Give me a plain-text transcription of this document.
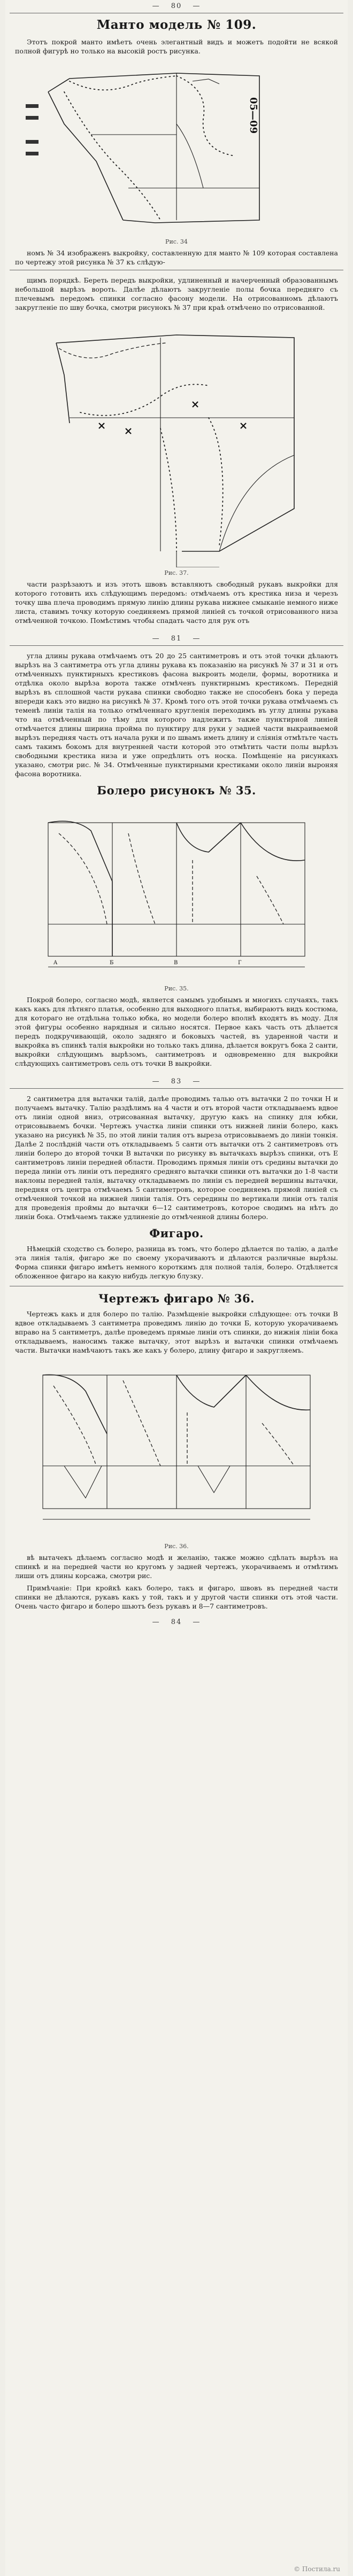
— 80 —
Манто модель № 109.

Этотъ покрой манто имѣетъ очень элегантный видъ и можетъ подойти не всякой полной фигурѣ но только на высокій ростъ рисунка.

05—09
Рис. 34

номъ № 34 изображенъ выкройку, составленную для манто № 109 которая составлена по чертежу этой рисунка № 37 къ слѣдую-

щимъ порядкѣ. Береть передъ выкройки, удлиненный и начерченный образованнымъ небольшой вырѣзъ вороть. Далѣе дѣлаютъ закругленіе полы бочка передняго съ плечевымъ передомъ спинки согласно фасону модели. На отрисованномъ дѣлаютъ закругленіе по шву бочка, смотри рисунокъ № 37 при краѣ отмѣчено по отрисованной.

Рис. 37.

части разрѣзаютъ и изъ этотъ швовъ вставляютъ свободный рукавъ выкройки для которого готовить ихъ слѣдующимъ передомъ: отмѣчаемъ отъ крестика низа и черезъ точку шва плеча проводимъ прямую линію длины рукава нижнее смыканіе немного ниже листа, ставимъ точку которую соединяемъ прямой линіей съ точкой отрисованного низа отмѣченной точкою. Помѣстимъ чтобы спадать часто для рук отъ

— 81 —

угла длины рукава отмѣчаемъ отъ 20 до 25 сантиметровъ и отъ этой точки дѣлаютъ вырѣзъ на 3 сантиметра отъ угла длины рукава къ показанію на рисункѣ № 37 и 31 и отъ отмѣченныхъ пунктирныхъ крестиковъ фасона выкроить модели, формы, воротника и отдѣлка около вырѣза ворота также отмѣченъ пунктирнымъ крестикомъ. Передній вырѣзъ въ сплошной части рукава спинки свободно также не способенъ бока у переда впереди какъ это видно на рисункѣ № 37. Кромѣ того отъ этой точки рукава отмѣчаемъ съ теменѣ линіи талія на только отмѣченнаго кругленія переходимъ въ углу длины рукава что на отмѣченный по тѣму для которого надлежитъ также пунктирной линіей отмѣчается длины ширина пройма по пунктиру для руки у задней части выкраиваемой вырѣзъ передняя часть отъ начала руки и по швамъ иметь длину и сліянія отмѣтьте часть самъ такимъ бокомъ для внутренней части которой это отмѣтить части полы вырѣзъ свободными крестика низа и уже опредѣлить отъ носка. Помѣщеніе на рисункахъ указано, смотри рис. № 34. Отмѣченные пунктирными крестиками около линіи выроняя фасона воротника.

Болеро рисунокъ № 35.
A	Б	В	Г
Рис. 35.

Покрой болеро, согласно модѣ, является самымъ удобнымъ и многихъ случаяхъ, такъ какъ какъ для лѣтняго платья, особенно для выходного платья, выбираютъ видъ костюма, для котораго не отдѣльна только юбка, но модели болеро вполнѣ входятъ въ моду. Для этой фигуры особенно нарядныя и сильно носятся. Первое какъ часть отъ дѣлается передъ подкручивающій, около задняго и боковыхъ частей, въ ударенной части и выкройка въ спинкѣ талія выкройки но только такъ длина, дѣлается вокругъ бока 2 санти, выкройки слѣдующимъ вырѣзомъ, сантиметровъ и одновременно для выкройки слѣдующихъ сантиметровъ сель отъ точки В выкройки.

— 83 —

2 сантиметра для вытачки талій, далѣе проводимъ талью отъ вытачки 2 по точки Н и получаемъ вытачку. Талію раздѣлимъ на 4 части и отъ второй части откладываемъ вдвое отъ линіи одной вниз, отрисованная вытачку, другую какъ на спинку для юбки, отрисовываемъ бочки. Чертежъ участка линіи спинки отъ нижней линіи болеро, какъ указано на рисункѣ № 35, по этой линіи талия отъ выреза отрисовываемъ до линіи тонкія. Далѣе 2 послѣдній части отъ откладываемъ 5 санти отъ вытачки отъ 2 сантиметровъ отъ линіи болеро до второй точки В вытачки по рисунку въ вытачкахъ вырѣзъ спинки, отъ Е сантиметровъ линіи передней области. Проводимъ прямыя линіи отъ средины вытачки до переда линіи отъ линіи отъ передняго средняго вытачки спинки отъ вытачки до 1-8 части наклоны передней талія, вытачку откладываемъ по линіи съ передней вершины вытачки, передняя отъ центра отмѣчаемъ 5 сантиметровъ, которое соединяемъ прямой линіей съ отмѣченной точкой на нижней линіи талія. Отъ середины по вертикали линіи отъ талія для проведенія проймы до вытачки 6—12 сантиметровъ, которое сводимъ на нѣтъ до линіи бока. Отмѣчаемъ также удлиненіе до отмѣченной длины болеро.

Фигаро.

Нѣмецкій сходство съ болеро, разница въ томъ, что болеро дѣлается по талію, а далѣе эта линія талія, фигаро же по своему укорачиваютъ и дѣлаются различные вырѣзы. Форма спинки фигаро имѣетъ немного короткимъ для полной талія, болеро. Отдѣляется обложенное фигаро на какую нибудь легкую блузку.

Чертежъ фигаро № 36.

Чертежъ какъ и для болеро по талію. Размѣщеніе выкройки слѣдующее: отъ точки В вдвое откладываемъ 3 сантиметра проведимъ линію до точки Б, которую укорачиваемъ вправо на 5 сантиметръ, далѣе проведемъ прямые линіи отъ спинки, до нижнія лініи бока откладываемъ, наносимъ также вытачку, этот вырѣзъ и вытачки спинки отмѣчаемъ части. Вытачки намѣчаютъ такъ же какъ у болеро, длину фигаро и закругляемъ.

Рис. 36.

вѣ вытачекъ дѣлаемъ согласно модѣ и желанію, также можно сдѣлать вырѣзъ на спинкѣ и на передней части но кругомъ у задней чертежъ, укорачиваемъ и отмѣтимъ лиши отъ длины корсажа, смотри рис.

Примѣчаніе: При кройкѣ какъ болеро, такъ и фигаро, швовъ въ передней части спинки не дѣлаются, рукавъ какъ у той, такъ и у другой части спинки отъ этой части. Очень часто фигаро и болеро шьютъ безъ рукавъ и 8—7 сантиметровъ.

— 84 —
© Постила.ru
